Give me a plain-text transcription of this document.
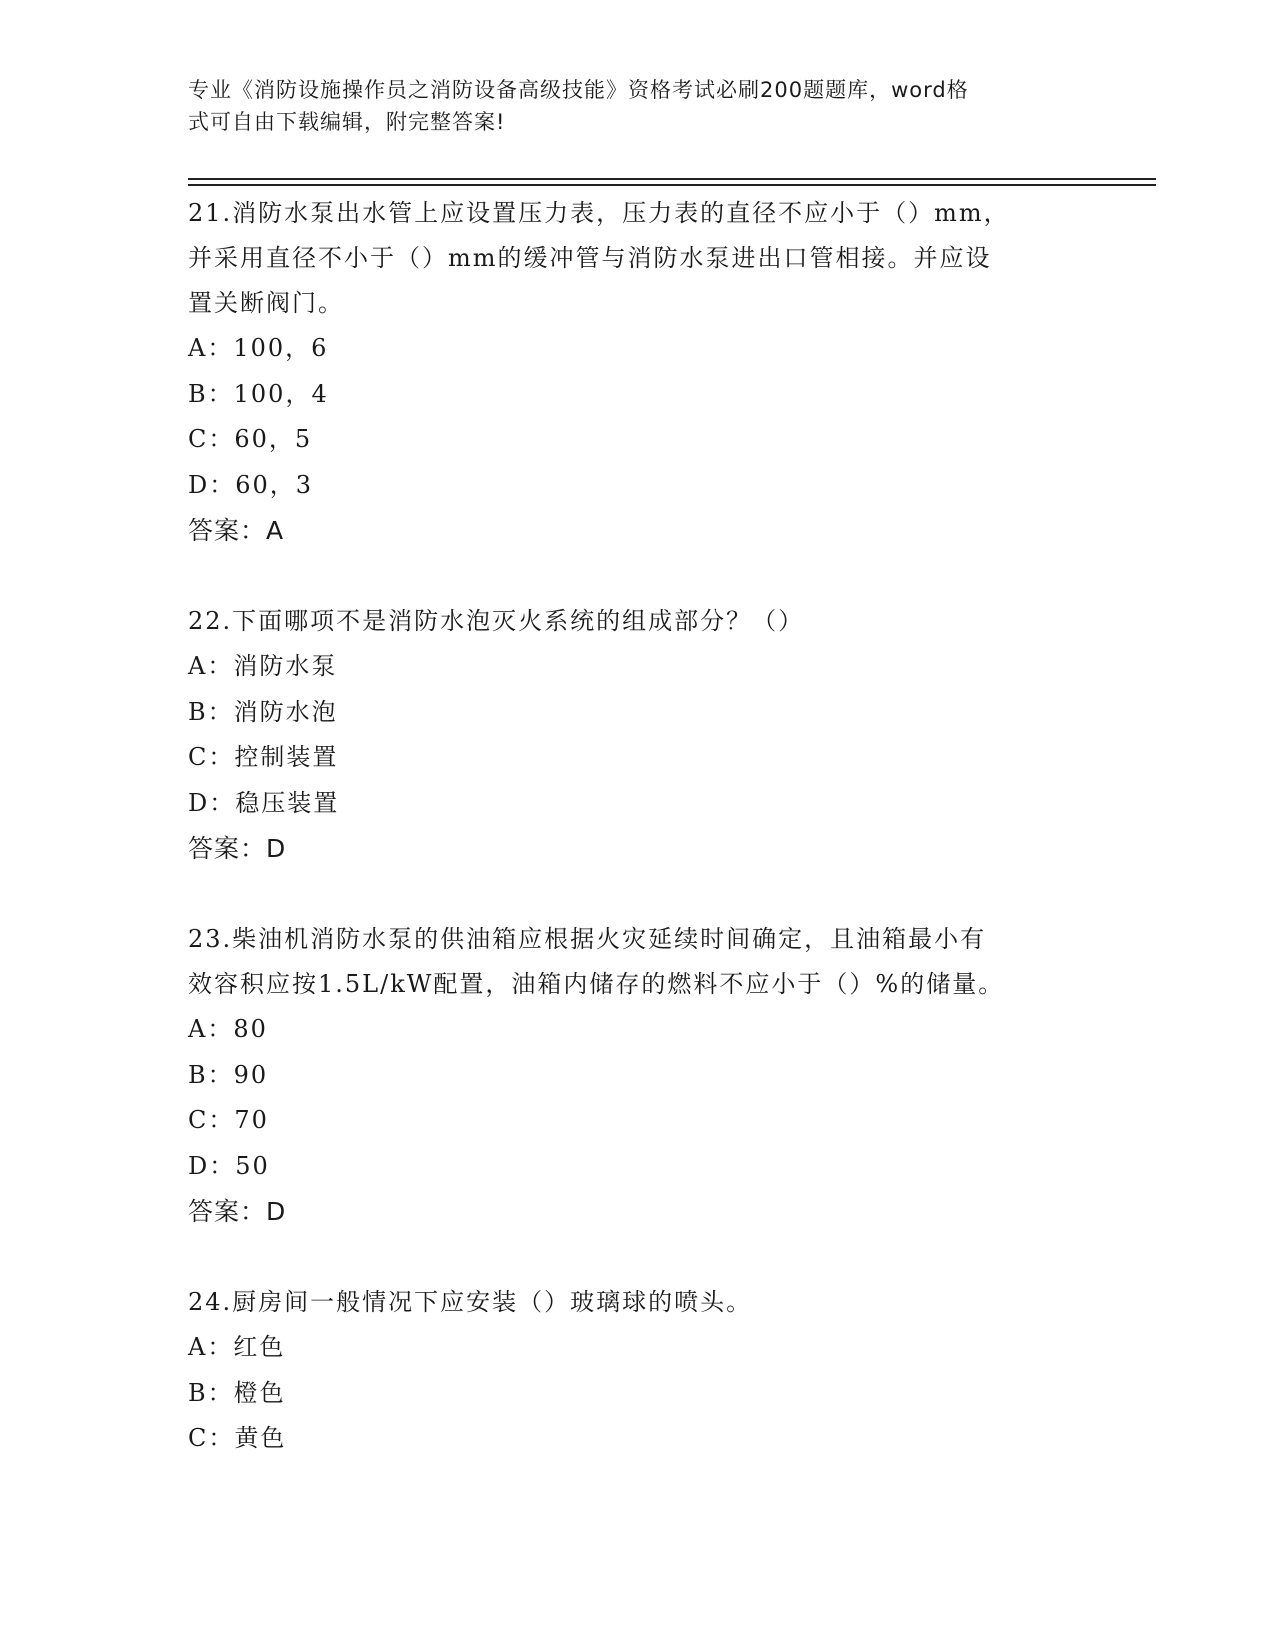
专业《消防设施操作员之消防设备高级技能》资格考试必刷200题题库，word格
式可自由下载编辑，附完整答案!
21.消防水泵出水管上应设置压力表，压力表的直径不应小于（）mm，
并采用直径不小于（）mm的缓冲管与消防水泵进出口管相接。并应设
置关断阀门。
A：100，6
B：100，4
C：60，5
D：60，3
答案：A
22.下面哪项不是消防水泡灭火系统的组成部分？（）
A：消防水泵
B：消防水泡
C：控制装置
D：稳压装置
答案：D
23.柴油机消防水泵的供油箱应根据火灾延续时间确定，且油箱最小有
效容积应按1.5L/kW配置，油箱内储存的燃料不应小于（）%的储量。
A：80
B：90
C：70
D：50
答案：D
24.厨房间一般情况下应安装（）玻璃球的喷头。
A：红色
B：橙色
C：黄色
